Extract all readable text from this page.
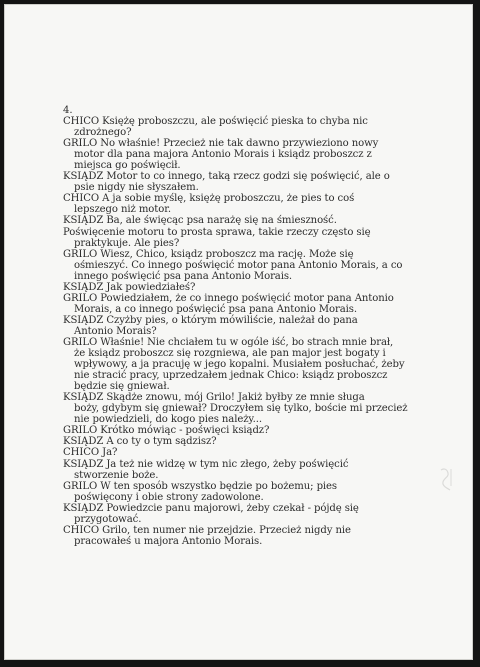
4.
CHICO Księżę proboszczu, ale poświęcić pieska to chyba nic
zdrożnego?
GRILO No właśnie! Przecież nie tak dawno przywieziono nowy
motor dla pana majora Antonio Morais i ksiądz proboszcz z
miejsca go poświęcił.
KSIĄDZ Motor to co innego, taką rzecz godzi się poświęcić, ale o
psie nigdy nie słyszałem.
CHICO A ja sobie myślę, księżę proboszczu, że pies to coś
lepszego niż motor.
KSIĄDZ Ba, ale święcąc psa narażę się na śmieszność.
Poświęcenie motoru to prosta sprawa, takie rzeczy często się
praktykuje. Ale pies?
GRILO Wiesz, Chico, ksiądz proboszcz ma rację. Może się
ośmieszyć. Co innego poświęcić motor pana Antonio Morais, a co
innego poświęcić psa pana Antonio Morais.
KSIĄDZ Jak powiedziałeś?
GRILO Powiedziałem, że co innego poświęcić motor pana Antonio
Morais, a co innego poświęcić psa pana Antonio Morais.
KSIĄDZ Czyżby pies, o którym mówiliście, należał do pana
Antonio Morais?
GRILO Właśnie! Nie chciałem tu w ogóle iść, bo strach mnie brał,
że ksiądz proboszcz się rozgniewa, ale pan major jest bogaty i
wpływowy, a ja pracuję w jego kopalni. Musiałem posłuchać, żeby
nie stracić pracy, uprzedzałem jednak Chico: ksiądz proboszcz
będzie się gniewał.
KSIĄDZ Skądże znowu, mój Grilo! Jakiż byłby ze mnie sługa
boży, gdybym się gniewał? Droczyłem się tylko, boście mi przecież
nie powiedzieli, do kogo pies należy...
GRILO Krótko mówiąc - poświęci ksiądz?
KSIĄDZ A co ty o tym sądzisz?
CHICO Ja?
KSIĄDZ Ja też nie widzę w tym nic złego, żeby poświęcić
stworzenie boże.
GRILO W ten sposób wszystko będzie po bożemu; pies
poświęcony i obie strony zadowolone.
KSIĄDZ Powiedzcie panu majorowi, żeby czekał - pójdę się
przygotować.
CHICO Grilo, ten numer nie przejdzie. Przecież nigdy nie
pracowałeś u majora Antonio Morais.
